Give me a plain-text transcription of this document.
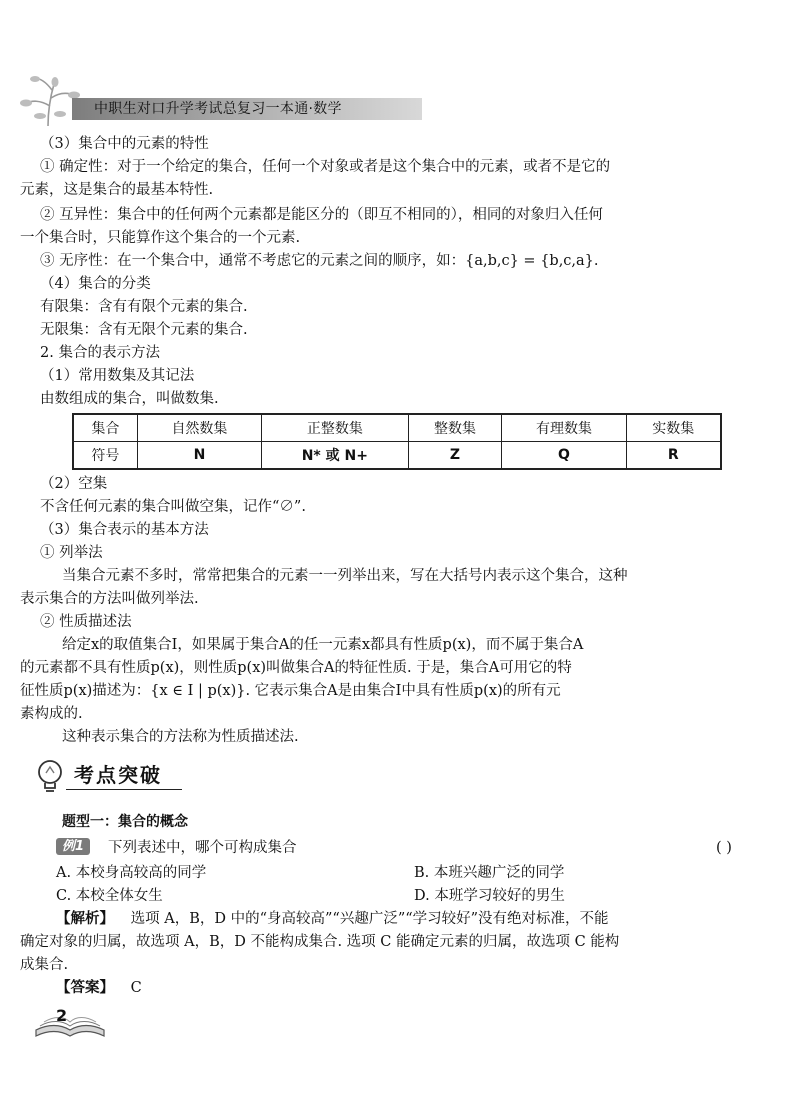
中职生对口升学考试总复习一本通·数学
（3）集合中的元素的特性
① 确定性：对于一个给定的集合，任何一个对象或者是这个集合中的元素，或者不是它的
元素，这是集合的最基本特性.
② 互异性：集合中的任何两个元素都是能区分的（即互不相同的），相同的对象归入任何
一个集合时，只能算作这个集合的一个元素.
③ 无序性：在一个集合中，通常不考虑它的元素之间的顺序，如：{a,b,c} = {b,c,a}.
（4）集合的分类
有限集：含有有限个元素的集合.
无限集：含有无限个元素的集合.
2. 集合的表示方法
（1）常用数集及其记法
由数组成的集合，叫做数集.
集合	自然数集	正整数集	整数集	有理数集	实数集
符号	N	N* 或 N+	Z	Q	R
（2）空集
不含任何元素的集合叫做空集，记作“∅”.
（3）集合表示的基本方法
① 列举法
当集合元素不多时，常常把集合的元素一一列举出来，写在大括号内表示这个集合，这种
表示集合的方法叫做列举法.
② 性质描述法
给定x的取值集合I，如果属于集合A的任一元素x都具有性质p(x)，而不属于集合A
的元素都不具有性质p(x)，则性质p(x)叫做集合A的特征性质. 于是，集合A可用它的特
征性质p(x)描述为：{x ∈ I | p(x)}. 它表示集合A是由集合I中具有性质p(x)的所有元
素构成的.
这种表示集合的方法称为性质描述法.
考点突破
题型一：集合的概念
例1	下列表述中，哪个可构成集合	( )
A. 本校身高较高的同学	B. 本班兴趣广泛的同学
C. 本校全体女生	D. 本班学习较好的男生
【解析】 选项 A，B，D 中的“身高较高”“兴趣广泛”“学习较好”没有绝对标准，不能
确定对象的归属，故选项 A，B，D 不能构成集合. 选项 C 能确定元素的归属，故选项 C 能构
成集合.
【答案】 C
2
